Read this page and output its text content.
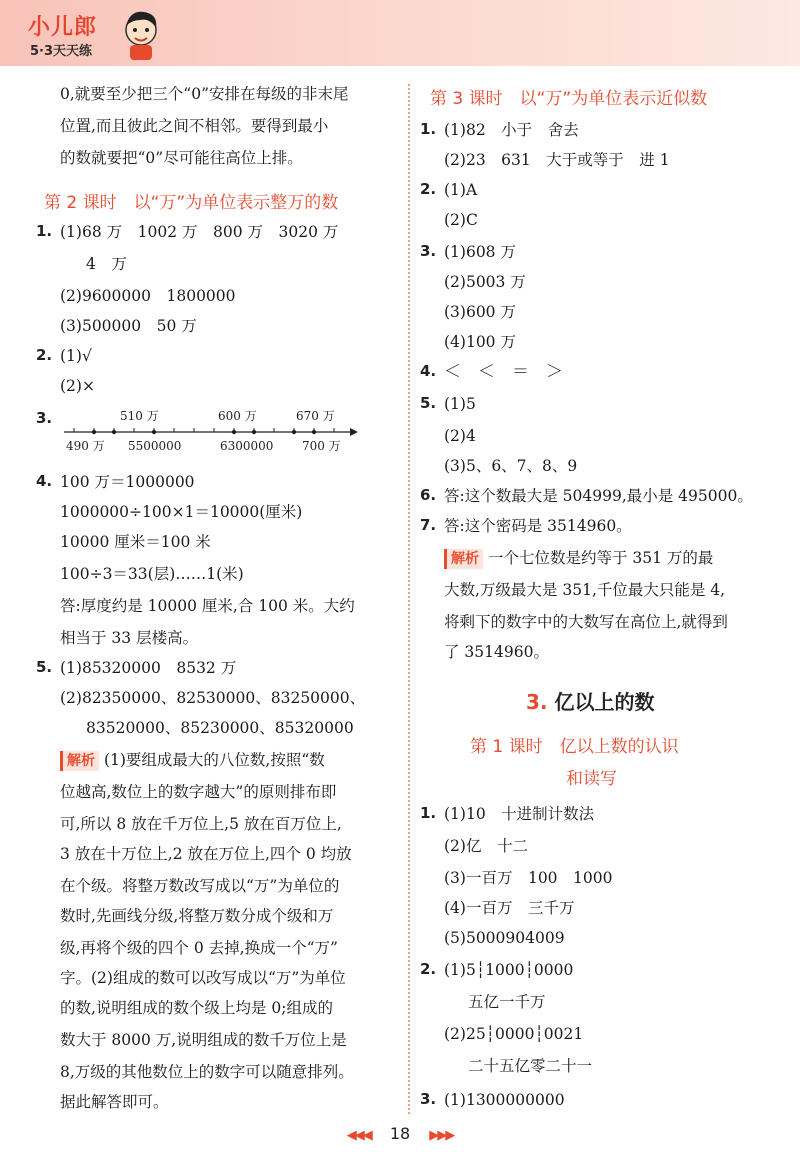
小儿郎
5·3天天练
0,就要至少把三个“0”安排在每级的非末尾
位置,而且彼此之间不相邻。要得到最小
的数就要把“0”尽可能往高位上排。
第 2 课时　以“万”为单位表示整万的数
1. (1)68 万　1002 万　800 万　3020 万
4　万
(2)9600000　1800000
(3)500000　50 万
2. (1)√
(2)×
3.	510 万	600 万	670 万
490 万 5500000	6300000 700 万
4. 100 万＝1000000
1000000÷100×1＝10000(厘米)
10000 厘米＝100 米
100÷3＝33(层)……1(米)
答:厚度约是 10000 厘米,合 100 米。大约
相当于 33 层楼高。
5. (1)85320000　8532 万
(2)82350000、82530000、83250000、
83520000、85230000、85320000
解析 (1)要组成最大的八位数,按照“数
位越高,数位上的数字越大”的原则排布即
可,所以 8 放在千万位上,5 放在百万位上,
3 放在十万位上,2 放在万位上,四个 0 均放
在个级。将整万数改写成以“万”为单位的
数时,先画线分级,将整万数分成个级和万
级,再将个级的四个 0 去掉,换成一个“万”
字。(2)组成的数可以改写成以“万”为单位
的数,说明组成的数个级上均是 0;组成的
数大于 8000 万,说明组成的数千万位上是
8,万级的其他数位上的数字可以随意排列。
据此解答即可。
第 3 课时　以“万”为单位表示近似数
1. (1)82　小于　舍去
(2)23　631　大于或等于　进 1
2. (1)A
(2)C
3. (1)608 万
(2)5003 万
(3)600 万
(4)100 万
4. ＜　＜　＝　＞
5. (1)5
(2)4
(3)5、6、7、8、9
6. 答:这个数最大是 504999,最小是 495000。
7. 答:这个密码是 3514960。
解析 一个七位数是约等于 351 万的最
大数,万级最大是 351,千位最大只能是 4,
将剩下的数字中的大数写在高位上,就得到
了 3514960。
3. 亿以上的数
第 1 课时　亿以上数的认识
和读写
1. (1)10　十进制计数法
(2)亿　十二
(3)一百万　100　1000
(4)一百万　三千万
(5)5000904009
2. (1)5┆1000┆0000
五亿一千万
(2)25┆0000┆0021
二十五亿零二十一
3. (1)1300000000
◀◀◀ 18 ▶▶▶
